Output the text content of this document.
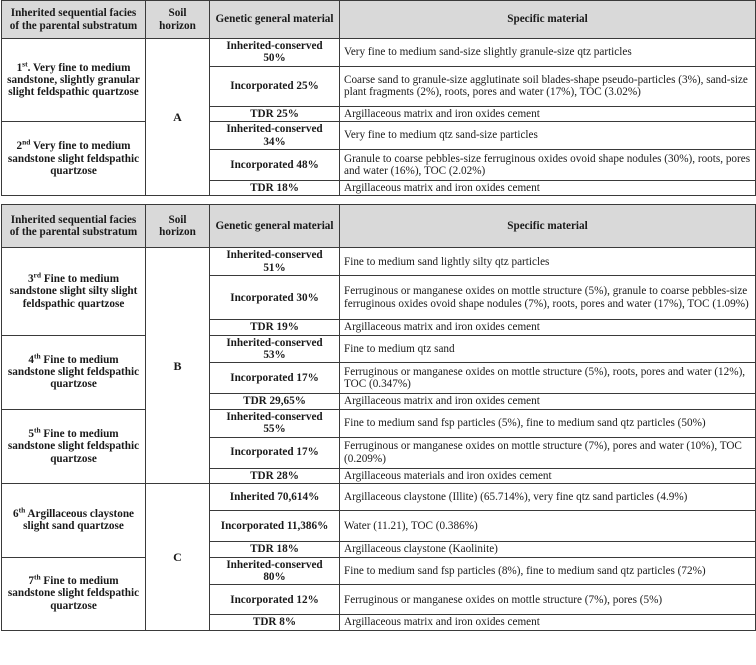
Inherited sequential facies of the parental substratum	Soil horizon	Genetic general material	Specific material
1st. Very fine to medium sandstone, slightly granular slight feldspathic quartzose	A	Inherited-conserved 50%	Very fine to medium sand-size slightly granule-size qtz particles
		Incorporated 25%	Coarse sand to granule-size agglutinate soil blades-shape pseudo-particles (3%), sand-size plant fragments (2%), roots, pores and water (17%), TOC (3.02%)
		TDR 25%	Argillaceous matrix and iron oxides cement
2nd Very fine to medium sandstone slight feldspathic quartzose		Inherited-conserved 34%	Very fine to medium qtz sand-size particles
		Incorporated 48%	Granule to coarse pebbles-size ferruginous oxides ovoid shape nodules (30%), roots, pores and water (16%), TOC (2.02%)
		TDR 18%	Argillaceous matrix and iron oxides cement
Inherited sequential facies of the parental substratum	Soil horizon	Genetic general material	Specific material
3rd Fine to medium sandstone slight silty slight feldspathic quartzose	B	Inherited-conserved 51%	Fine to medium sand lightly silty qtz particles
		Incorporated 30%	Ferruginous or manganese oxides on mottle structure (5%), granule to coarse pebbles-size ferruginous oxides ovoid shape nodules (7%), roots, pores and water (17%), TOC (1.09%)
		TDR 19%	Argillaceous matrix and iron oxides cement
4th Fine to medium sandstone slight feldspathic quartzose		Inherited-conserved 53%	Fine to medium qtz sand
		Incorporated 17%	Ferruginous or manganese oxides on mottle structure (5%), roots, pores and water (12%), TOC (0.347%)
		TDR 29,65%	Argillaceous matrix and iron oxides cement
5th Fine to medium sandstone slight feldspathic quartzose		Inherited-conserved 55%	Fine to medium sand fsp particles (5%), fine to medium sand qtz particles (50%)
		Incorporated 17%	Ferruginous or manganese oxides on mottle structure (7%), pores and water (10%), TOC (0.209%)
		TDR 28%	Argillaceous materials and iron oxides cement
6th Argillaceous claystone slight sand quartzose	C	Inherited 70,614%	Argillaceous claystone (Illite) (65.714%), very fine qtz sand particles (4.9%)
		Incorporated 11,386%	Water (11.21), TOC (0.386%)
		TDR 18%	Argillaceous claystone (Kaolinite)
7th Fine to medium sandstone slight feldspathic quartzose		Inherited-conserved 80%	Fine to medium sand fsp particles (8%), fine to medium sand qtz particles (72%)
		Incorporated 12%	Ferruginous or manganese oxides on mottle structure (7%), pores (5%)
		TDR 8%	Argillaceous matrix and iron oxides cement
